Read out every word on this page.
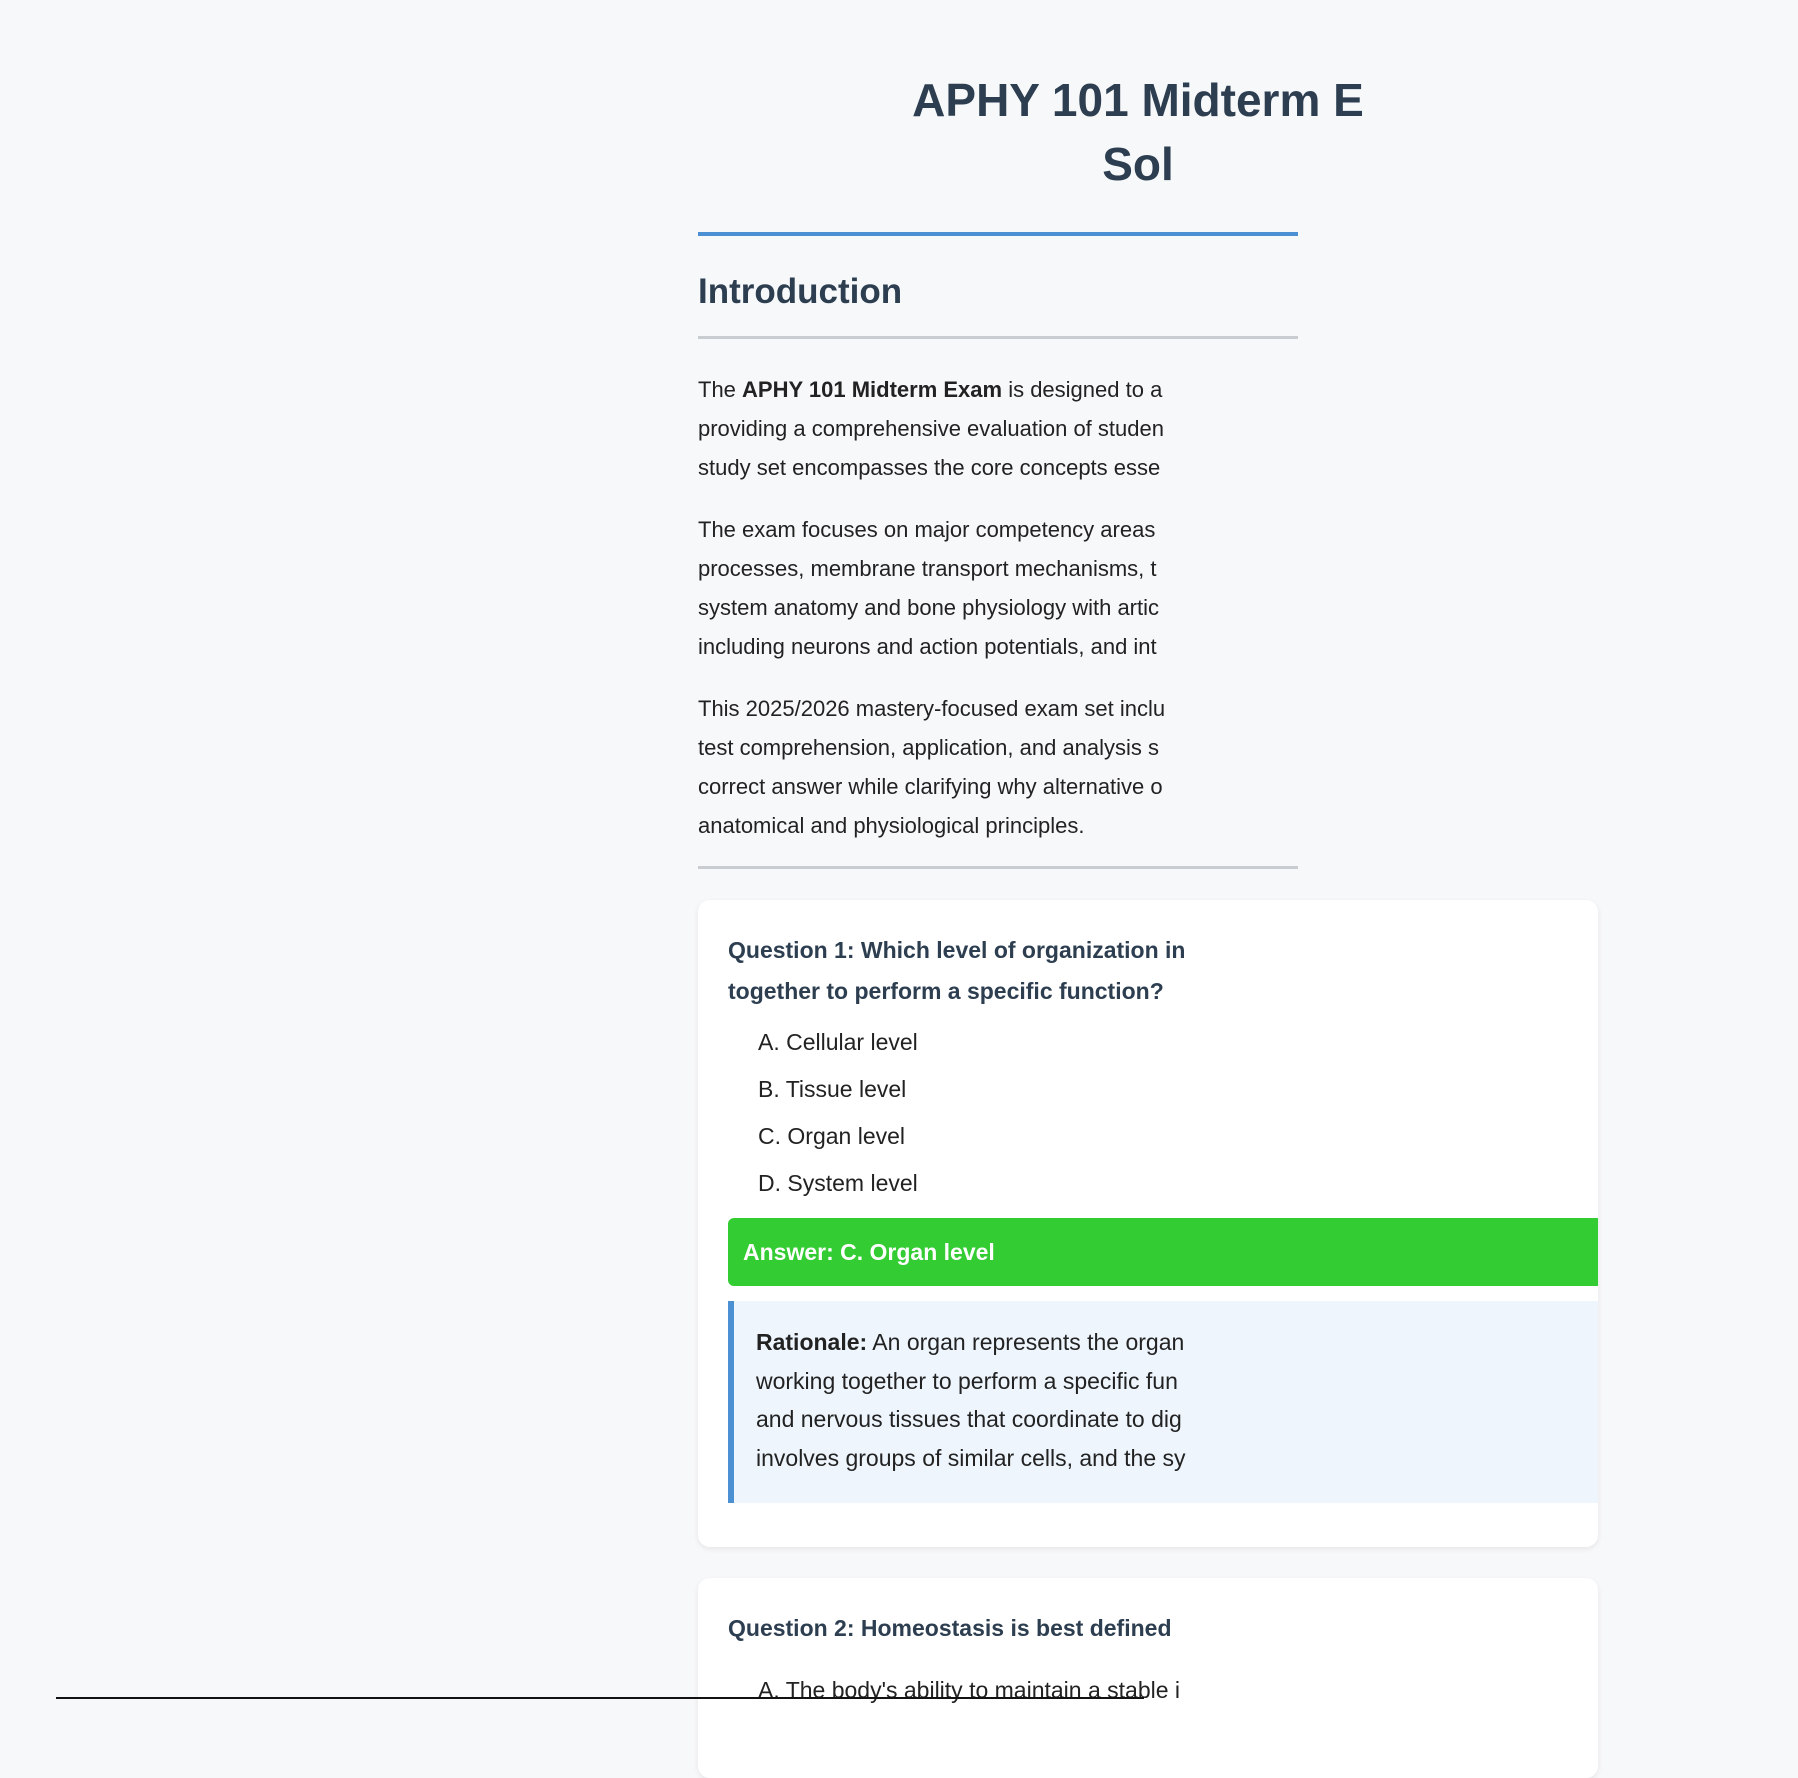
APHY 101 Midterm E
Sol
Introduction

The APHY 101 Midterm Exam is designed to a
providing a comprehensive evaluation of studen
study set encompasses the core concepts esse

The exam focuses on major competency areas
processes, membrane transport mechanisms, t
system anatomy and bone physiology with artic
including neurons and action potentials, and int

This 2025/2026 mastery-focused exam set inclu
test comprehension, application, and analysis s
correct answer while clarifying why alternative o
anatomical and physiological principles.

Question 1: Which level of organization in
together to perform a specific function?
A. Cellular level
B. Tissue level
C. Organ level
D. System level
Answer: C. Organ level
Rationale: An organ represents the organ
working together to perform a specific fun
and nervous tissues that coordinate to dig
involves groups of similar cells, and the sy
Question 2: Homeostasis is best defined
A. The body's ability to maintain a stable i
